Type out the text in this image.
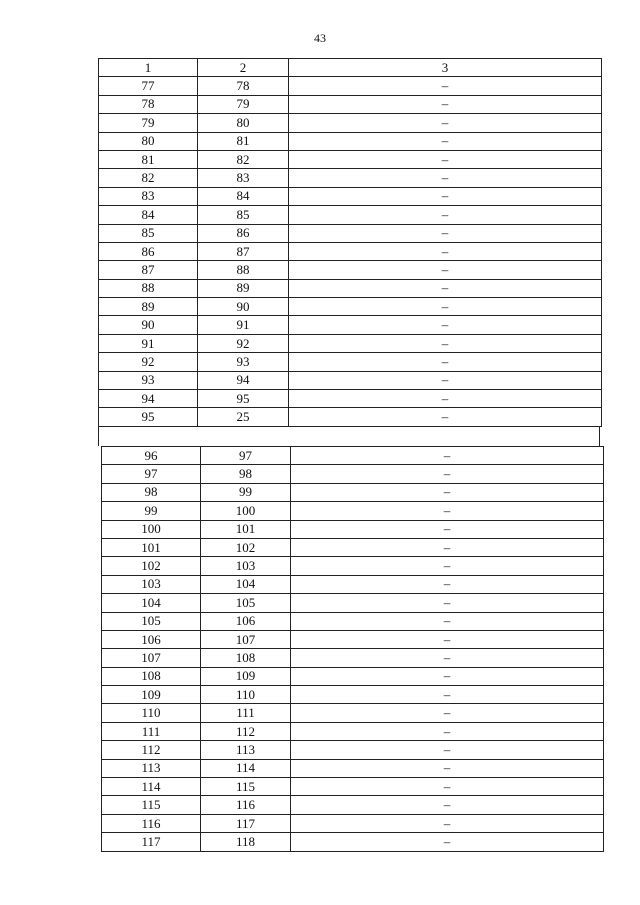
43
1	2	3
77	78	–
78	79	–
79	80	–
80	81	–
81	82	–
82	83	–
83	84	–
84	85	–
85	86	–
86	87	–
87	88	–
88	89	–
89	90	–
90	91	–
91	92	–
92	93	–
93	94	–
94	95	–
95	25	–
96	97	–
97	98	–
98	99	–
99	100	–
100	101	–
101	102	–
102	103	–
103	104	–
104	105	–
105	106	–
106	107	–
107	108	–
108	109	–
109	110	–
110	111	–
111	112	–
112	113	–
113	114	–
114	115	–
115	116	–
116	117	–
117	118	–
